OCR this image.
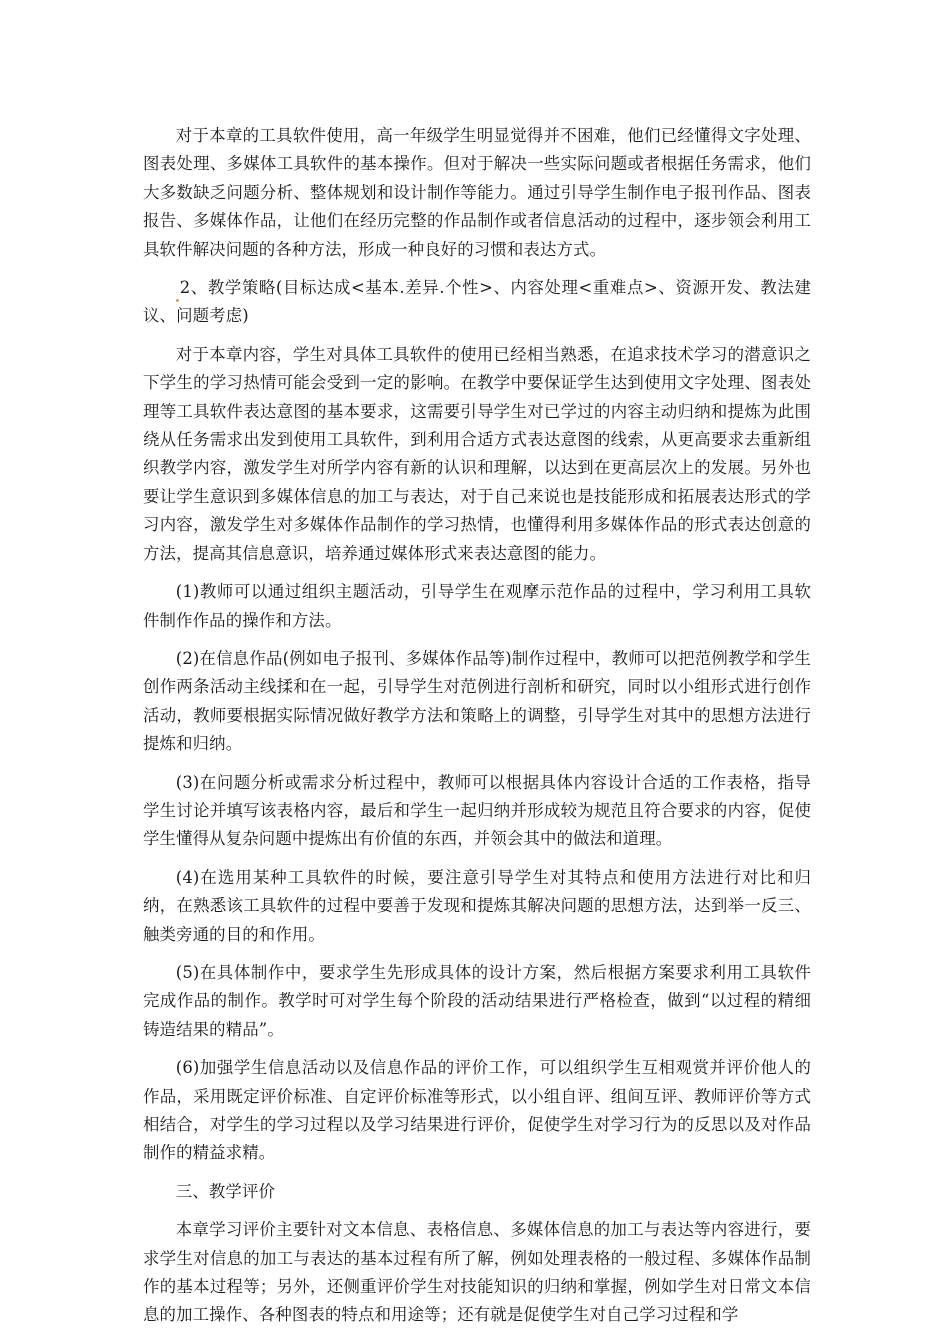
对于本章的工具软件使用，高一年级学生明显觉得并不困难，他们已经懂得文字处理、图表处理、多媒体工具软件的基本操作。但对于解决一些实际问题或者根据任务需求，他们大多数缺乏问题分析、整体规划和设计制作等能力。通过引导学生制作电子报刊作品、图表报告、多媒体作品，让他们在经历完整的作品制作或者信息活动的过程中，逐步领会利用工具软件解决问题的各种方法，形成一种良好的习惯和表达方式。

2、教学策略(目标达成<基本.差异.个性>、内容处理<重难点>、资源开发、教法建议、问题考虑)

对于本章内容，学生对具体工具软件的使用已经相当熟悉，在追求技术学习的潜意识之下学生的学习热情可能会受到一定的影响。在教学中要保证学生达到使用文字处理、图表处理等工具软件表达意图的基本要求，这需要引导学生对已学过的内容主动归纳和提炼为此围绕从任务需求出发到使用工具软件，到利用合适方式表达意图的线索，从更高要求去重新组织教学内容，激发学生对所学内容有新的认识和理解，以达到在更高层次上的发展。另外也要让学生意识到多媒体信息的加工与表达，对于自己来说也是技能形成和拓展表达形式的学习内容，激发学生对多媒体作品制作的学习热情，也懂得利用多媒体作品的形式表达创意的方法，提高其信息意识，培养通过媒体形式来表达意图的能力。

(1)教师可以通过组织主题活动，引导学生在观摩示范作品的过程中，学习利用工具软件制作作品的操作和方法。

(2)在信息作品(例如电子报刊、多媒体作品等)制作过程中，教师可以把范例教学和学生创作两条活动主线揉和在一起，引导学生对范例进行剖析和研究，同时以小组形式进行创作活动，教师要根据实际情况做好教学方法和策略上的调整，引导学生对其中的思想方法进行提炼和归纳。

(3)在问题分析或需求分析过程中，教师可以根据具体内容设计合适的工作表格，指导学生讨论并填写该表格内容，最后和学生一起归纳并形成较为规范且符合要求的内容，促使学生懂得从复杂问题中提炼出有价值的东西，并领会其中的做法和道理。

(4)在选用某种工具软件的时候，要注意引导学生对其特点和使用方法进行对比和归纳，在熟悉该工具软件的过程中要善于发现和提炼其解决问题的思想方法，达到举一反三、触类旁通的目的和作用。

(5)在具体制作中，要求学生先形成具体的设计方案，然后根据方案要求利用工具软件完成作品的制作。教学时可对学生每个阶段的活动结果进行严格检查，做到“以过程的精细铸造结果的精品”。

(6)加强学生信息活动以及信息作品的评价工作，可以组织学生互相观赏并评价他人的作品，采用既定评价标准、自定评价标准等形式，以小组自评、组间互评、教师评价等方式相结合，对学生的学习过程以及学习结果进行评价，促使学生对学习行为的反思以及对作品制作的精益求精。

三、教学评价

本章学习评价主要针对文本信息、表格信息、多媒体信息的加工与表达等内容进行，要求学生对信息的加工与表达的基本过程有所了解，例如处理表格的一般过程、多媒体作品制作的基本过程等；另外，还侧重评价学生对技能知识的归纳和掌握，例如学生对日常文本信息的加工操作、各种图表的特点和用途等；还有就是促使学生对自己学习过程和学
